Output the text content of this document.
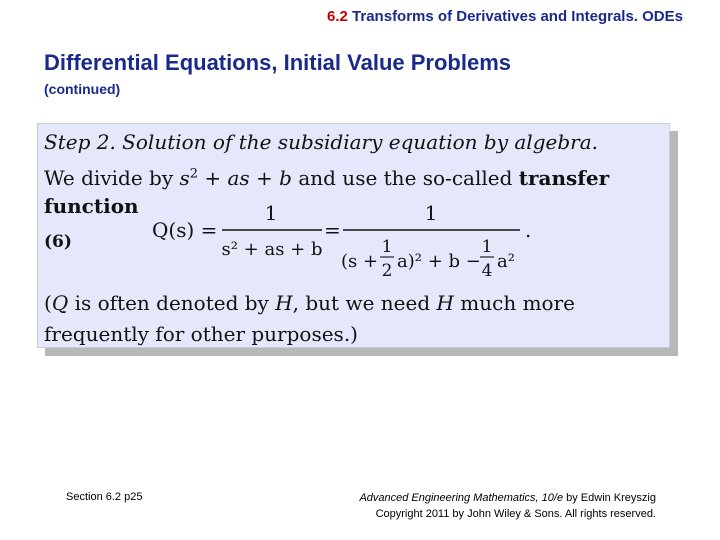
6.2 Transforms of Derivatives and Integrals. ODEs
Differential Equations, Initial Value Problems
(continued)
Step 2. Solution of the subsidiary equation by algebra.
We divide by $s^2$ + as + b and use the so-called transfer
function
(6)	Q(s) =
1
s² + as + b
=
1
(s +
1
2 a)² + b −
1
4 a²
.
(Q is often denoted by H, but we need H much more frequently for other purposes.)
Section 6.2 p25	Advanced Engineering Mathematics, 10/e by Edwin Kreyszig
Copyright 2011 by John Wiley & Sons. All rights reserved.
